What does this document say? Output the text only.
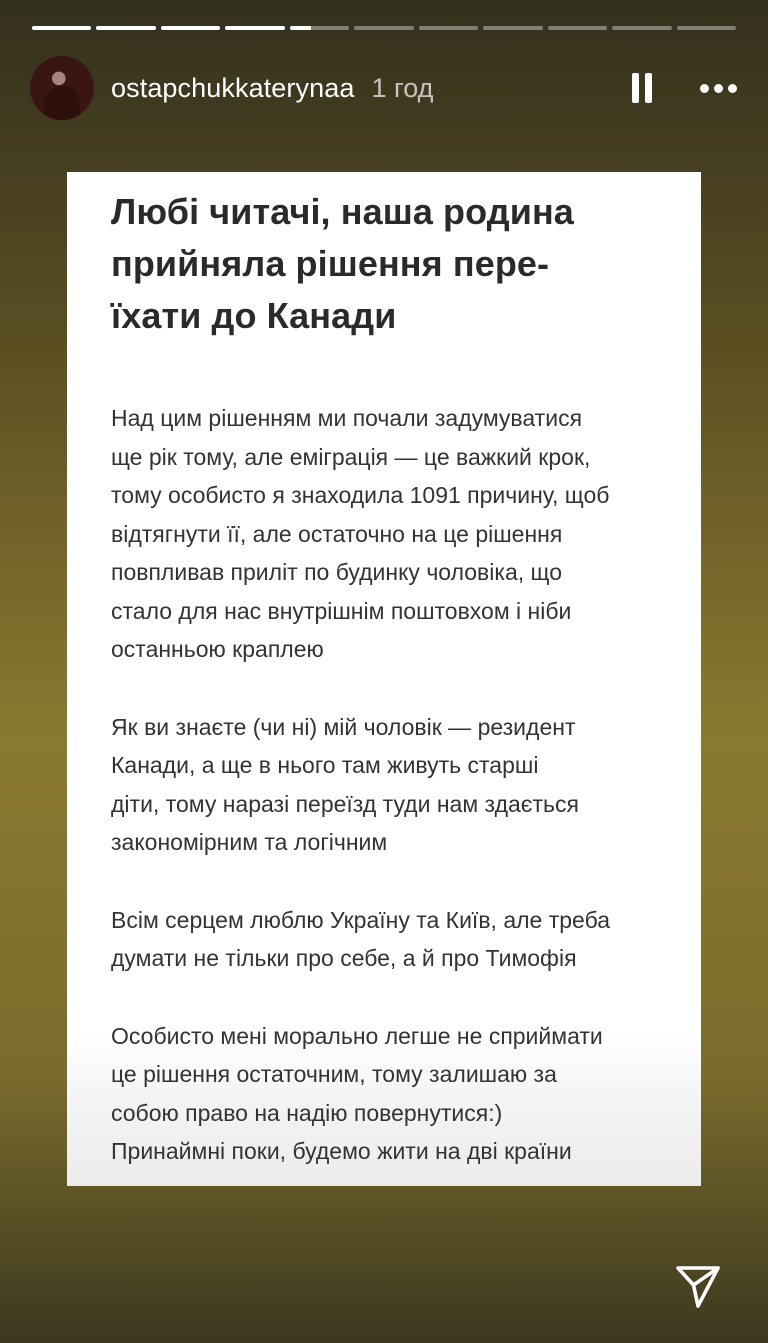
ostapchukkaterynaa 1 год
Любі читачі, наша родина
прийняла рішення пере-
їхати до Канади

Над цим рішенням ми почали задумуватися
ще рік тому, але еміграція — це важкий крок,
тому особисто я знаходила 1091 причину, щоб
відтягнути її, але остаточно на це рішення
повпливав приліт по будинку чоловіка, що
стало для нас внутрішнім поштовхом і ніби
останньою краплею

Як ви знаєте (чи ні) мій чоловік — резидент
Канади, а ще в нього там живуть старші
діти, тому наразі переїзд туди нам здається
закономірним та логічним

Всім серцем люблю Україну та Київ, але треба
думати не тільки про себе, а й про Тимофія

Особисто мені морально легше не сприймати
це рішення остаточним, тому залишаю за
собою право на надію повернутися:)
Принаймні поки, будемо жити на дві країни
